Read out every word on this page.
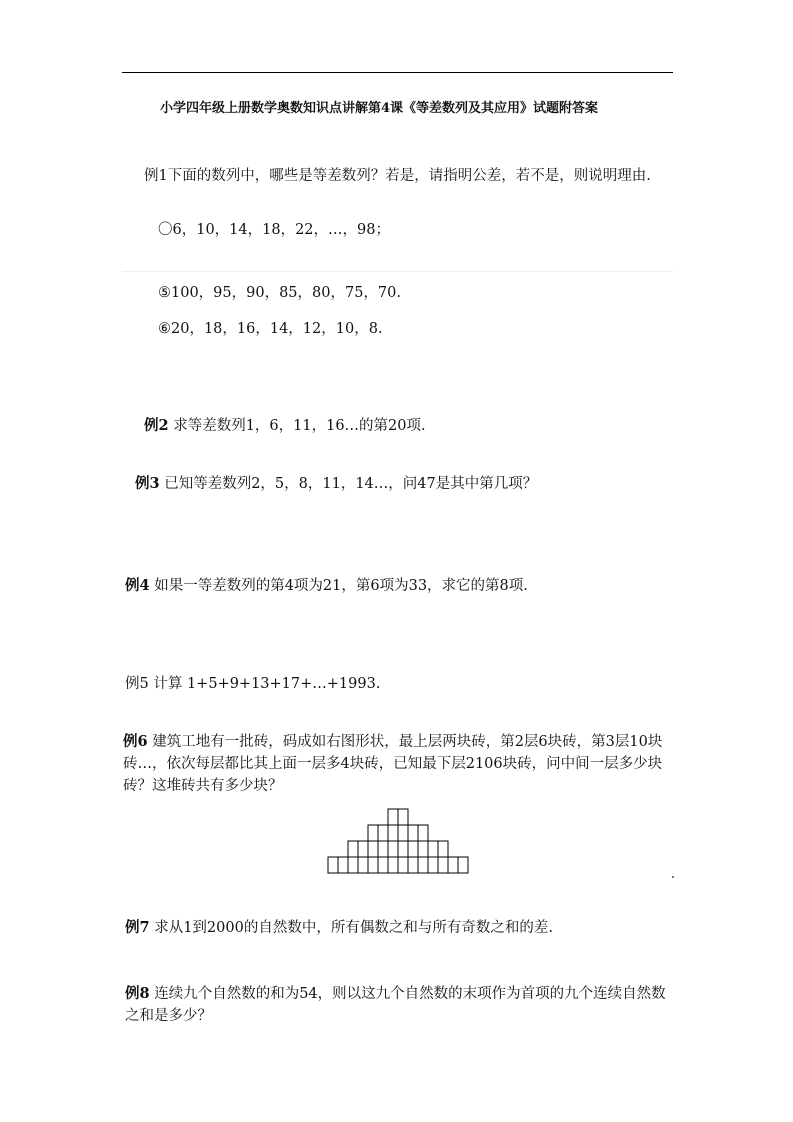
小学四年级上册数学奥数知识点讲解第4课《等差数列及其应用》试题附答案
例1下面的数列中，哪些是等差数列？若是，请指明公差，若不是，则说明理由.
〇6，10，14，18，22，…，98；
⑤100，95，90，85，80，75，70.
⑥20，18，16，14，12，10，8.
例2 求等差数列1，6，11，16…的第20项.
例3 已知等差数列2，5，8，11，14…，问47是其中第几项？
例4 如果一等差数列的第4项为21，第6项为33，求它的第8项.
例5 计算 1+5+9+13+17+…+1993.
例6 建筑工地有一批砖，码成如右图形状，最上层两块砖，第2层6块砖，第3层10块砖…，依次每层都比其上面一层多4块砖，已知最下层2106块砖，问中间一层多少块砖？这堆砖共有多少块？
例7 求从1到2000的自然数中，所有偶数之和与所有奇数之和的差.
例8 连续九个自然数的和为54，则以这九个自然数的末项作为首项的九个连续自然数之和是多少？
